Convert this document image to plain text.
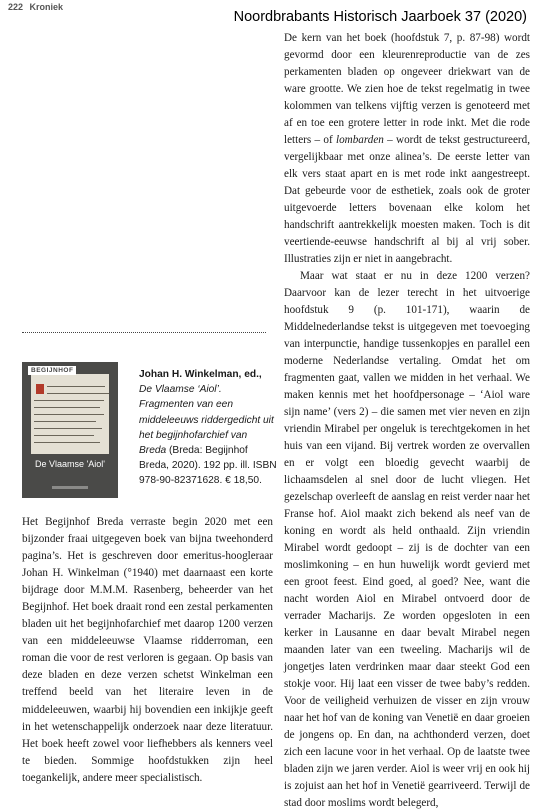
222 Kroniek
Noordbrabants Historisch Jaarboek 37 (2020)

De kern van het boek (hoofdstuk 7, p. 87-98) wordt gevormd door een kleurenreproductie van de zes perkamenten bladen op ongeveer driekwart van de ware grootte. We zien hoe de tekst regelmatig in twee kolommen van telkens vijftig verzen is genoteerd met af en toe een grotere letter in rode inkt. Met die rode letters – of lombarden – wordt de tekst gestructureerd, vergelijkbaar met onze alinea’s. De eerste letter van elk vers staat apart en is met rode inkt aangestreept. Dat gebeurde voor de esthetiek, zoals ook de groter uitgevoerde letters bovenaan elke kolom het handschrift aantrekkelijk moesten maken. Toch is dit veertiende-eeuwse handschrift al bij al vrij sober. Illustraties zijn er niet in aangebracht.

Maar wat staat er nu in deze 1200 verzen? Daarvoor kan de lezer terecht in het uitvoerige hoofdstuk 9 (p. 101-171), waarin de Middelnederlandse tekst is uitgegeven met toevoeging van interpunctie, handige tussenkopjes en parallel een moderne Nederlandse vertaling. Omdat het om fragmenten gaat, vallen we midden in het verhaal. We maken kennis met het hoofdpersonage – ‘Aiol ware sijn name’ (vers 2) – die samen met vier neven en zijn vriendin Mirabel per ongeluk is terechtgekomen in het huis van een vijand. Bij vertrek worden ze overvallen en er volgt een bloedig gevecht waarbij de lichaamsdelen al snel door de lucht vliegen. Het gezelschap overleeft de aanslag en reist verder naar het Franse hof. Aiol maakt zich bekend als neef van de koning en wordt als held onthaald. Zijn vriendin Mirabel wordt gedoopt – zij is de dochter van een moslimkoning – en hun huwelijk wordt gevierd met een groot feest. Eind goed, al goed? Nee, want die nacht worden Aiol en Mirabel ontvoerd door de verrader Macharijs. Ze worden opgesloten in een kerker in Lausanne en daar bevalt Mirabel negen maanden later van een tweeling. Macharijs wil de jongetjes laten verdrinken maar daar steekt God een stokje voor. Hij laat een visser de twee baby’s redden. Voor de veiligheid verhuizen de visser en zijn vrouw naar het hof van de koning van Venetië en daar groeien de jongens op. En dan, na achthonderd verzen, doet zich een lacune voor in het verhaal. Op de laatste twee bladen zijn we jaren verder. Aiol is weer vrij en ook hij is zojuist aan het hof in Venetië gearriveerd. Terwijl de stad door moslims wordt belegerd,

BEGIJNHOF
De Vlaamse 'Aiol'
Johan H. Winkelman, ed.,
De Vlaamse ‘Aiol’. Fragmenten van een middeleeuws riddergedicht uit het begijnhofarchief van Breda (Breda: Begijnhof Breda, 2020). 192 pp. ill. ISBN 978-90-82371628. € 18,50.

Het Begijnhof Breda verraste begin 2020 met een bijzonder fraai uitgegeven boek van bijna tweehonderd pagina’s. Het is geschreven door emeritus-hoogleraar Johan H. Winkelman (°1940) met daarnaast een korte bijdrage door M.M.M. Rasenberg, beheerder van het Begijnhof. Het boek draait rond een zestal perkamenten bladen uit het begijnhofarchief met daarop 1200 verzen van een middeleeuwse Vlaamse ridderroman, een roman die voor de rest verloren is gegaan. Op basis van deze bladen en deze verzen schetst Winkelman een treffend beeld van het literaire leven in de middeleeuwen, waarbij hij bovendien een inkijkje geeft in het wetenschappelijk onderzoek naar deze literatuur. Het boek heeft zowel voor liefhebbers als kenners veel te bieden. Sommige hoofdstukken zijn heel toegankelijk, andere meer specialistisch.
